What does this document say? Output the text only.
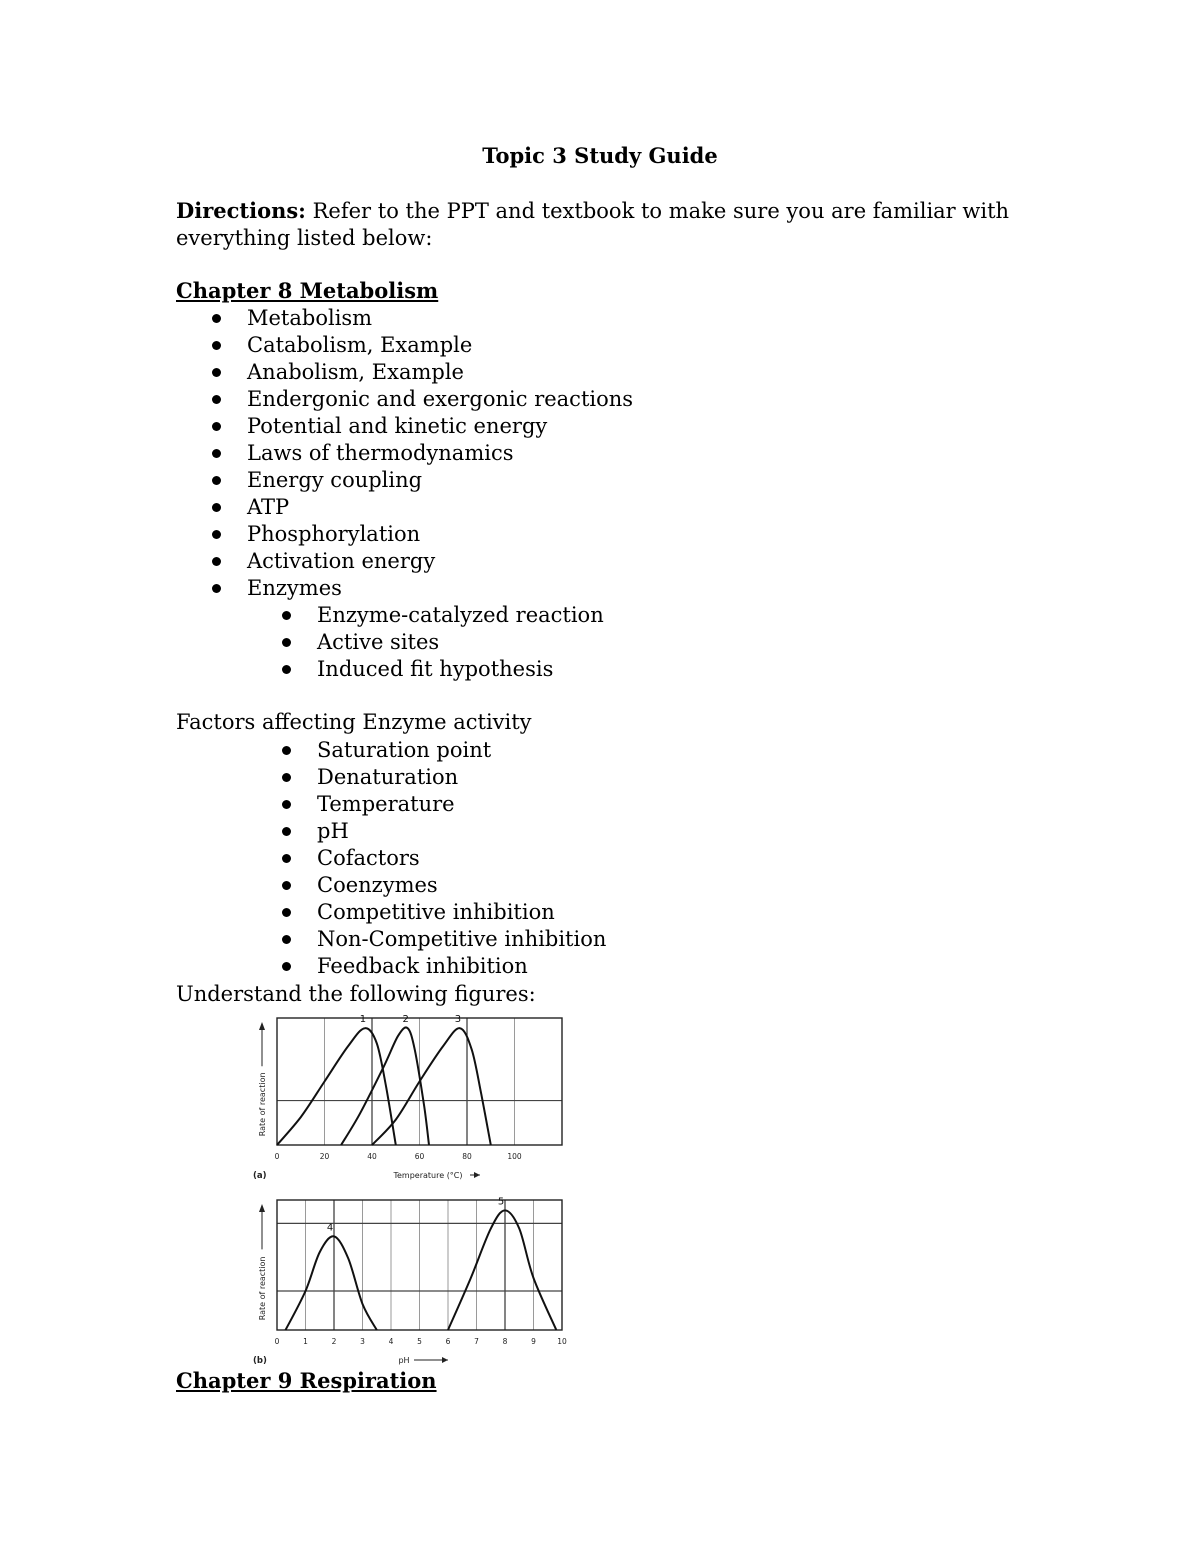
Topic 3 Study Guide
Directions: Refer to the PPT and textbook to make sure you are familiar with everything listed below:
Chapter 8 Metabolism
Metabolism
Catabolism, Example
Anabolism, Example
Endergonic and exergonic reactions
Potential and kinetic energy
Laws of thermodynamics
Energy coupling
ATP
Phosphorylation
Activation energy
Enzymes
Enzyme-catalyzed reaction
Active sites
Induced fit hypothesis
Factors affecting Enzyme activity
Saturation point
Denaturation
Temperature
pH
Cofactors
Coenzymes
Competitive inhibition
Non-Competitive inhibition
Feedback inhibition
Understand the following figures:
1	2	3
0	20	40	60	80	100
Rate of reaction
(a)	Temperature (°C)
4
5
0	1	2	3	4	5	6	7	8	9	10
Rate of reaction
(b)	pH
Chapter 9 Respiration
